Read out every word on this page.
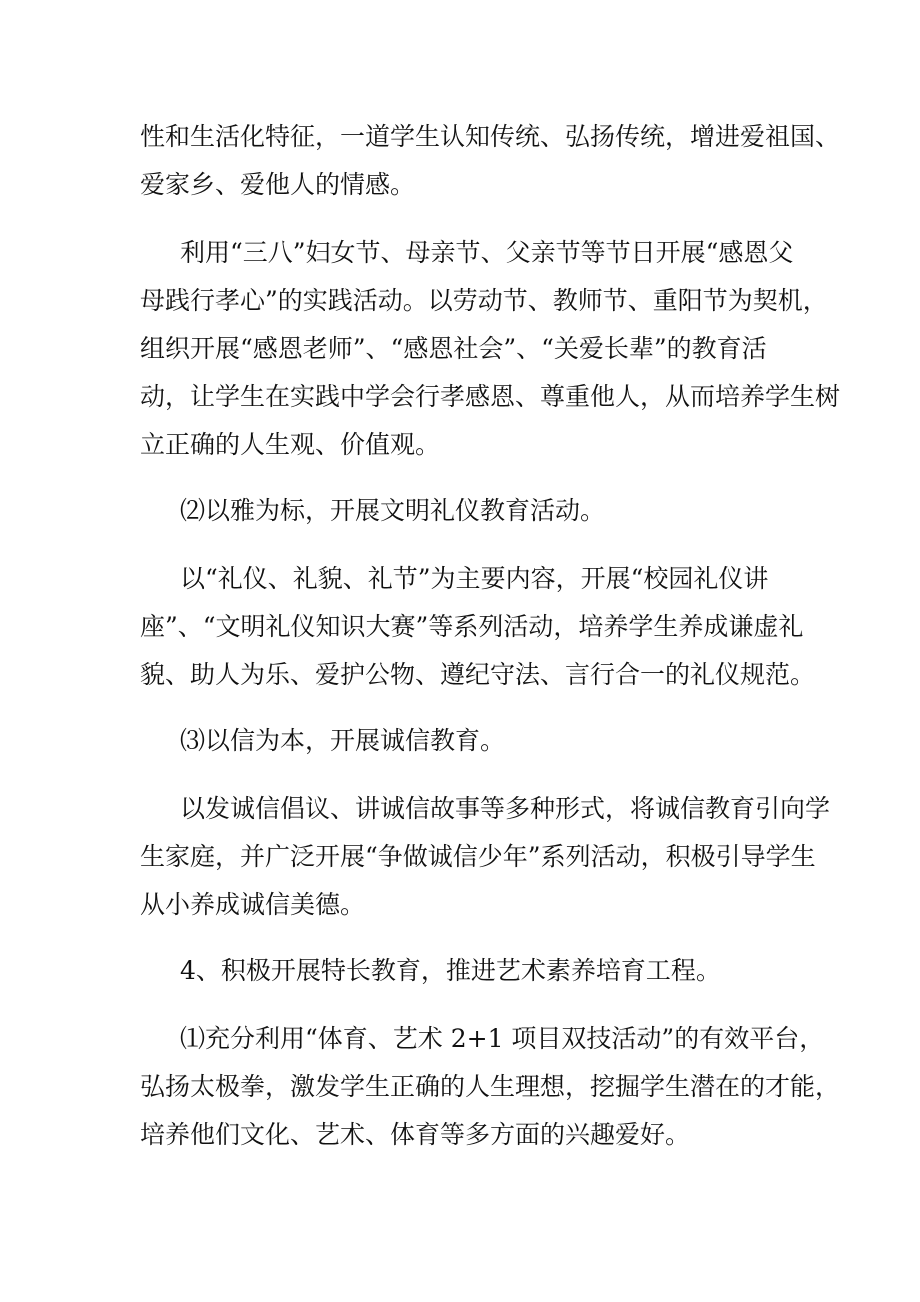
性和生活化特征，一道学生认知传统、弘扬传统，增进爱祖国、
爱家乡、爱他人的情感。
利用“三八”妇女节、母亲节、父亲节等节日开展“感恩父
母践行孝心”的实践活动。以劳动节、教师节、重阳节为契机，
组织开展“感恩老师”、“感恩社会”、“关爱长辈”的教育活
动，让学生在实践中学会行孝感恩、尊重他人，从而培养学生树
立正确的人生观、价值观。
⑵以雅为标，开展文明礼仪教育活动。
以“礼仪、礼貌、礼节”为主要内容，开展“校园礼仪讲
座”、“文明礼仪知识大赛”等系列活动，培养学生养成谦虚礼
貌、助人为乐、爱护公物、遵纪守法、言行合一的礼仪规范。
⑶以信为本，开展诚信教育。
以发诚信倡议、讲诚信故事等多种形式，将诚信教育引向学
生家庭，并广泛开展“争做诚信少年”系列活动，积极引导学生
从小养成诚信美德。
4、积极开展特长教育，推进艺术素养培育工程。
⑴充分利用“体育、艺术 2+1 项目双技活动”的有效平台，
弘扬太极拳，激发学生正确的人生理想，挖掘学生潜在的才能，
培养他们文化、艺术、体育等多方面的兴趣爱好。
